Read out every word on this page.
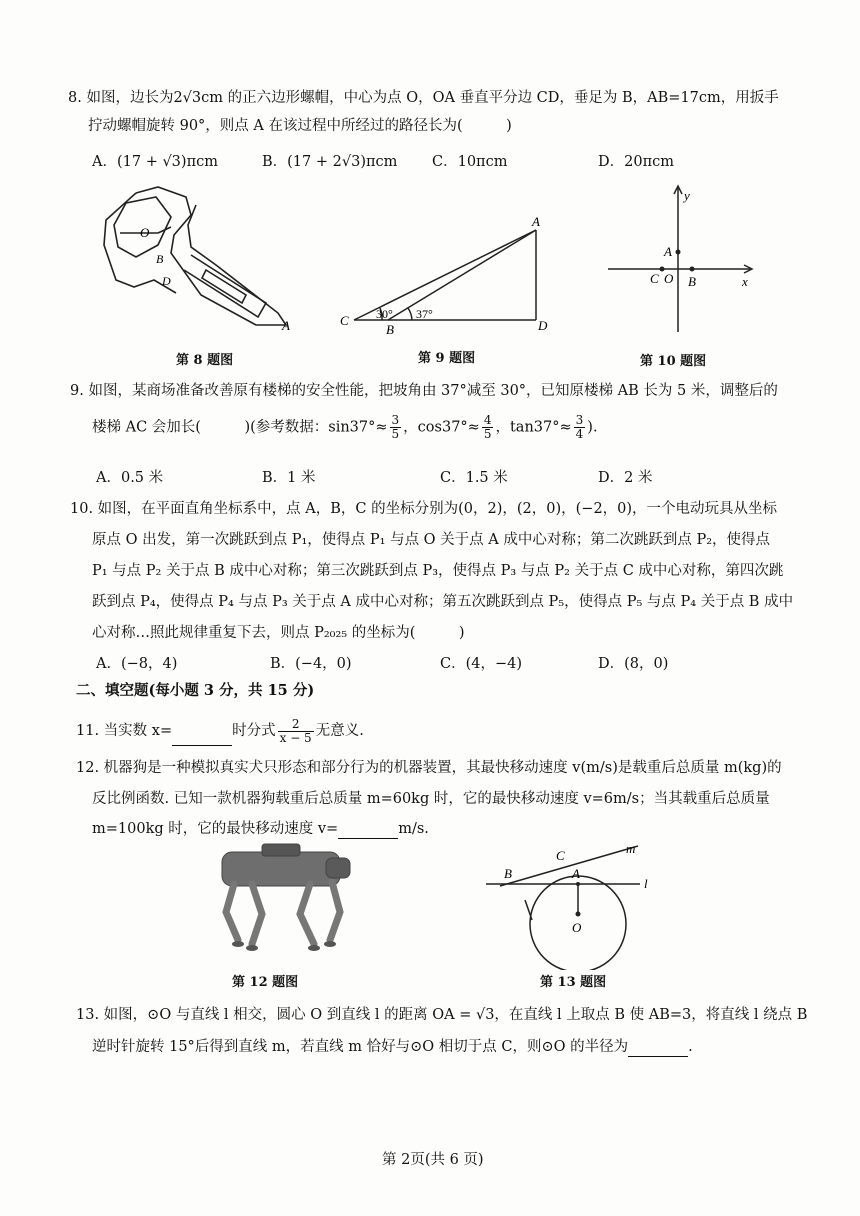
8. 如图，边长为2√3cm 的正六边形螺帽，中心为点 O，OA 垂直平分边 CD，垂足为 B，AB=17cm，用扳手
拧动螺帽旋转 90°，则点 A 在该过程中所经过的路径长为(　　　)
A．(17 + √3)πcm	B．(17 + 2√3)πcm C．10πcm	D．20πcm
O
B
D
A
第 8 题图
A
B
C	D
30° 37°
第 9 题图
y
A
C O B	x
第 10 题图
9. 如图，某商场准备改善原有楼梯的安全性能，把坡角由 37°减至 30°，已知原楼梯 AB 长为 5 米，调整后的
楼梯 AC 会加长(　　　)(参考数据：$\sin 37^\circ\approx \frac{3}{5}$ ，$\cos 37^\circ\approx \frac{4}{5}$ ，$\tan 37^\circ\approx \frac{3}{4}$ ).
A．0.5 米	B．1 米	C．1.5 米	D．2 米
10. 如图，在平面直角坐标系中，点 A，B，C 的坐标分别为(0，2)，(2，0)，(−2，0)，一个电动玩具从坐标
原点 O 出发，第一次跳跃到点 P₁，使得点 P₁ 与点 O 关于点 A 成中心对称；第二次跳跃到点 P₂，使得点
P₁ 与点 P₂ 关于点 B 成中心对称；第三次跳跃到点 P₃，使得点 P₃ 与点 P₂ 关于点 C 成中心对称，第四次跳
跃到点 P₄，使得点 P₄ 与点 P₃ 关于点 A 成中心对称；第五次跳跃到点 P₅，使得点 P₅ 与点 P₄ 关于点 B 成中
心对称…照此规律重复下去，则点 P₂₀₂₅ 的坐标为(　　　)
A．(−8，4)	B．(−4，0)	C．(4，−4)	D．(8，0)
二、填空题(每小题 3 分，共 15 分)
11. 当实数 x=	时分式 $\frac{2}{x - 5}$ 无意义.
12. 机器狗是一种模拟真实犬只形态和部分行为的机器装置，其最快移动速度 v(m/s)是载重后总质量 m(kg)的
反比例函数. 已知一款机器狗载重后总质量 m=60kg 时，它的最快移动速度 v=6m/s；当其载重后总质量
m=100kg 时，它的最快移动速度 v=	m/s.
第 12 题图
C	m
B	A
l
O
第 13 题图
13. 如图，⊙O 与直线 l 相交，圆心 O 到直线 l 的距离 OA = √3，在直线 l 上取点 B 使 AB=3，将直线 l 绕点 B
逆时针旋转 15°后得到直线 m，若直线 m 恰好与⊙O 相切于点 C，则⊙O 的半径为	.
第 2页(共 6 页)
